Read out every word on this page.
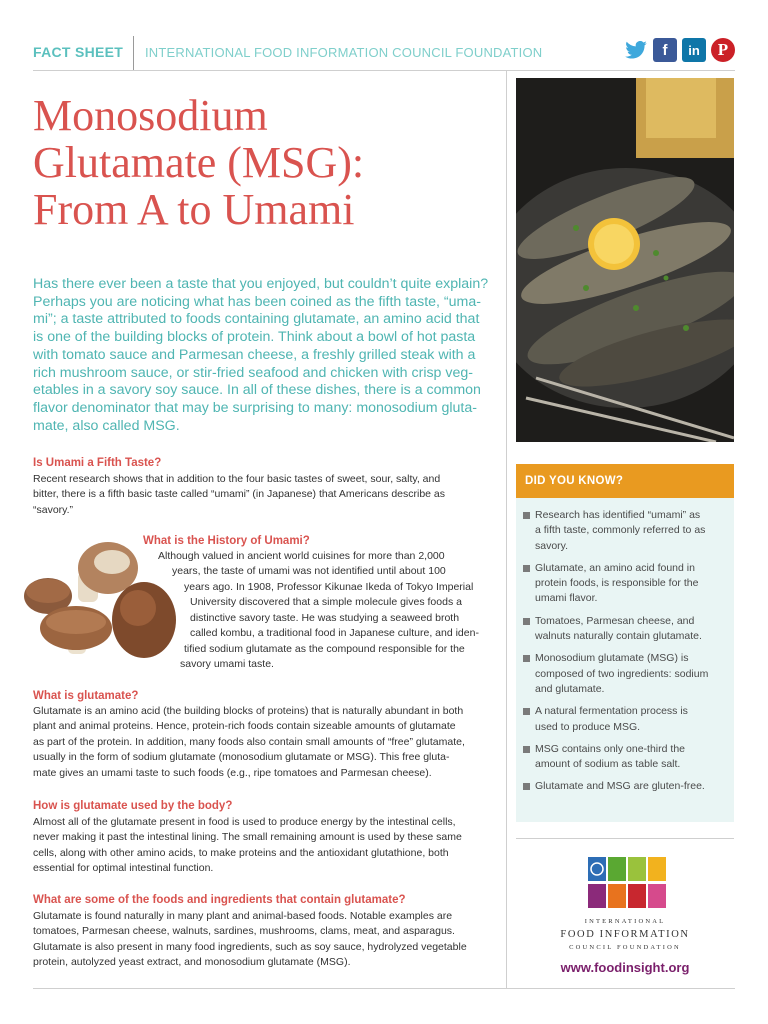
FACT SHEET INTERNATIONAL FOOD INFORMATION COUNCIL FOUNDATION	f	in	P
Monosodium
Glutamate (MSG):
From A to Umami
Has there ever been a taste that you enjoyed, but couldn’t quite explain?
Perhaps you are noticing what has been coined as the fifth taste, “uma-
mi”; a taste attributed to foods containing glutamate, an amino acid that
is one of the building blocks of protein. Think about a bowl of hot pasta
with tomato sauce and Parmesan cheese, a freshly grilled steak with a
rich mushroom sauce, or stir-fried seafood and chicken with crisp veg-
etables in a savory soy sauce. In all of these dishes, there is a common
flavor denominator that may be surprising to many: monosodium gluta-
mate, also called MSG.
Is Umami a Fifth Taste?
Recent research shows that in addition to the four basic tastes of sweet, sour, salty, and
bitter, there is a fifth basic taste called “umami” (in Japanese) that Americans describe as
“savory.”
What is the History of Umami?
Although valued in ancient world cuisines for more than 2,000
years, the taste of umami was not identified until about 100
years ago. In 1908, Professor Kikunae Ikeda of Tokyo Imperial
University discovered that a simple molecule gives foods a
distinctive savory taste. He was studying a seaweed broth
called kombu, a traditional food in Japanese culture, and iden-
tified sodium glutamate as the compound responsible for the
savory umami taste.
What is glutamate?
Glutamate is an amino acid (the building blocks of proteins) that is naturally abundant in both
plant and animal proteins. Hence, protein-rich foods contain sizeable amounts of glutamate
as part of the protein. In addition, many foods also contain small amounts of “free” glutamate,
usually in the form of sodium glutamate (monosodium glutamate or MSG). This free gluta-
mate gives an umami taste to such foods (e.g., ripe tomatoes and Parmesan cheese).
How is glutamate used by the body?
Almost all of the glutamate present in food is used to produce energy by the intestinal cells,
never making it past the intestinal lining. The small remaining amount is used by these same
cells, along with other amino acids, to make proteins and the antioxidant glutathione, both
essential for optimal intestinal function.
What are some of the foods and ingredients that contain glutamate?
Glutamate is found naturally in many plant and animal-based foods. Notable examples are
tomatoes, Parmesan cheese, walnuts, sardines, mushrooms, clams, meat, and asparagus.
Glutamate is also present in many food ingredients, such as soy sauce, hydrolyzed vegetable
protein, autolyzed yeast extract, and monosodium glutamate (MSG).
DID YOU KNOW?
Research has identified “umami” as
a fifth taste, commonly referred to as
savory.
Glutamate, an amino acid found in
protein foods, is responsible for the
umami flavor.
Tomatoes, Parmesan cheese, and
walnuts naturally contain glutamate.
Monosodium glutamate (MSG) is
composed of two ingredients: sodium
and glutamate.
A natural fermentation process is
used to produce MSG.
MSG contains only one-third the
amount of sodium as table salt.
Glutamate and MSG are gluten-free.
INTERNATIONAL
FOOD INFORMATION
COUNCIL FOUNDATION
www.foodinsight.org
